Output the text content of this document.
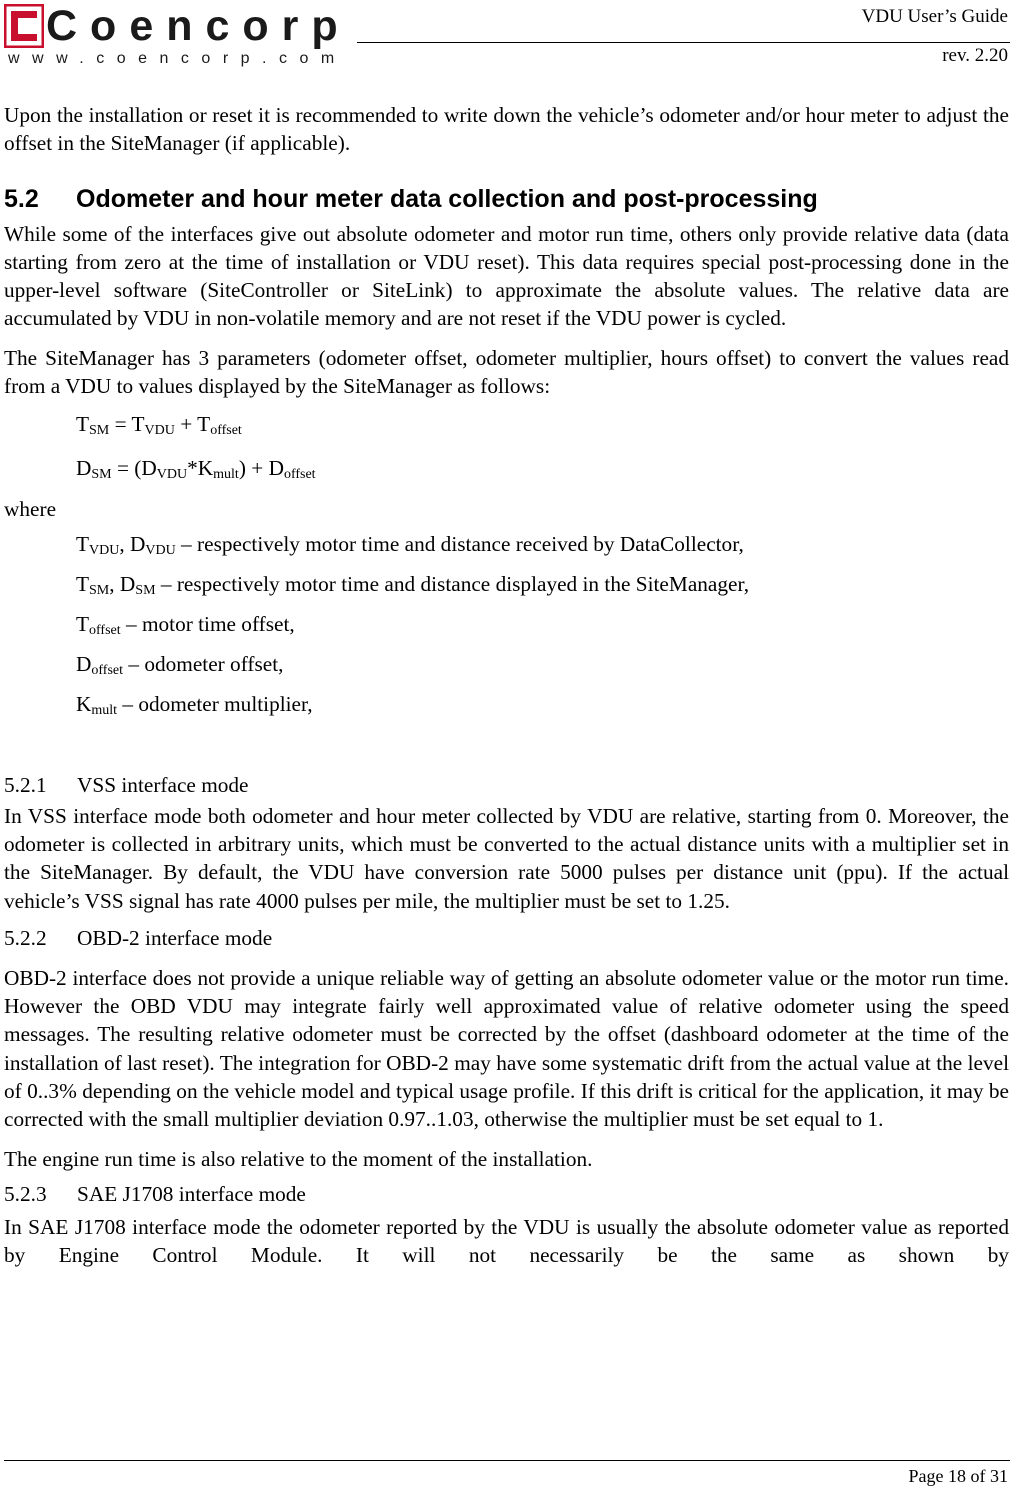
Coencorp
www.coencorp.com
VDU User’s Guide
rev. 2.20

Upon the installation or reset it is recommended to write down the vehicle’s odometer and/or hour meter to adjust the offset in the SiteManager (if applicable).

5.2 Odometer and hour meter data collection and post-processing

While some of the interfaces give out absolute odometer and motor run time, others only provide relative data (data starting from zero at the time of installation or VDU reset). This data requires special post-processing done in the upper-level software (SiteController or SiteLink) to approximate the absolute values. The relative data are accumulated by VDU in non-volatile memory and are not reset if the VDU power is cycled.

The SiteManager has 3 parameters (odometer offset, odometer multiplier, hours offset) to convert the values read from a VDU to values displayed by the SiteManager as follows:

$T_{SM} = T_{VDU} + T_{offset}$
$D_{SM} = (D_{VDU}*K_{mult}) + D_{offset}$

where

$T_{VDU}$, $D_{VDU}$ – respectively motor time and distance received by DataCollector,
$T_{SM}$, $D_{SM}$ – respectively motor time and distance displayed in the SiteManager,
$T_{offset}$ – motor time offset,
$D_{offset}$ – odometer offset,
$K_{mult}$ – odometer multiplier,
5.2.1 VSS interface mode

In VSS interface mode both odometer and hour meter collected by VDU are relative, starting from 0. Moreover, the odometer is collected in arbitrary units, which must be converted to the actual distance units with a multiplier set in the SiteManager. By default, the VDU have conversion rate 5000 pulses per distance unit (ppu). If the actual vehicle’s VSS signal has rate 4000 pulses per mile, the multiplier must be set to 1.25.

5.2.2 OBD-2 interface mode

OBD-2 interface does not provide a unique reliable way of getting an absolute odometer value or the motor run time. However the OBD VDU may integrate fairly well approximated value of relative odometer using the speed messages. The resulting relative odometer must be corrected by the offset (dashboard odometer at the time of the installation of last reset). The integration for OBD-2 may have some systematic drift from the actual value at the level of 0..3% depending on the vehicle model and typical usage profile. If this drift is critical for the application, it may be corrected with the small multiplier deviation 0.97..1.03, otherwise the multiplier must be set equal to 1.

The engine run time is also relative to the moment of the installation.

5.2.3 SAE J1708 interface mode

In SAE J1708 interface mode the odometer reported by the VDU is usually the absolute odometer value as reported by Engine Control Module. It will not necessarily be the same as shown by

Page 18 of 31
